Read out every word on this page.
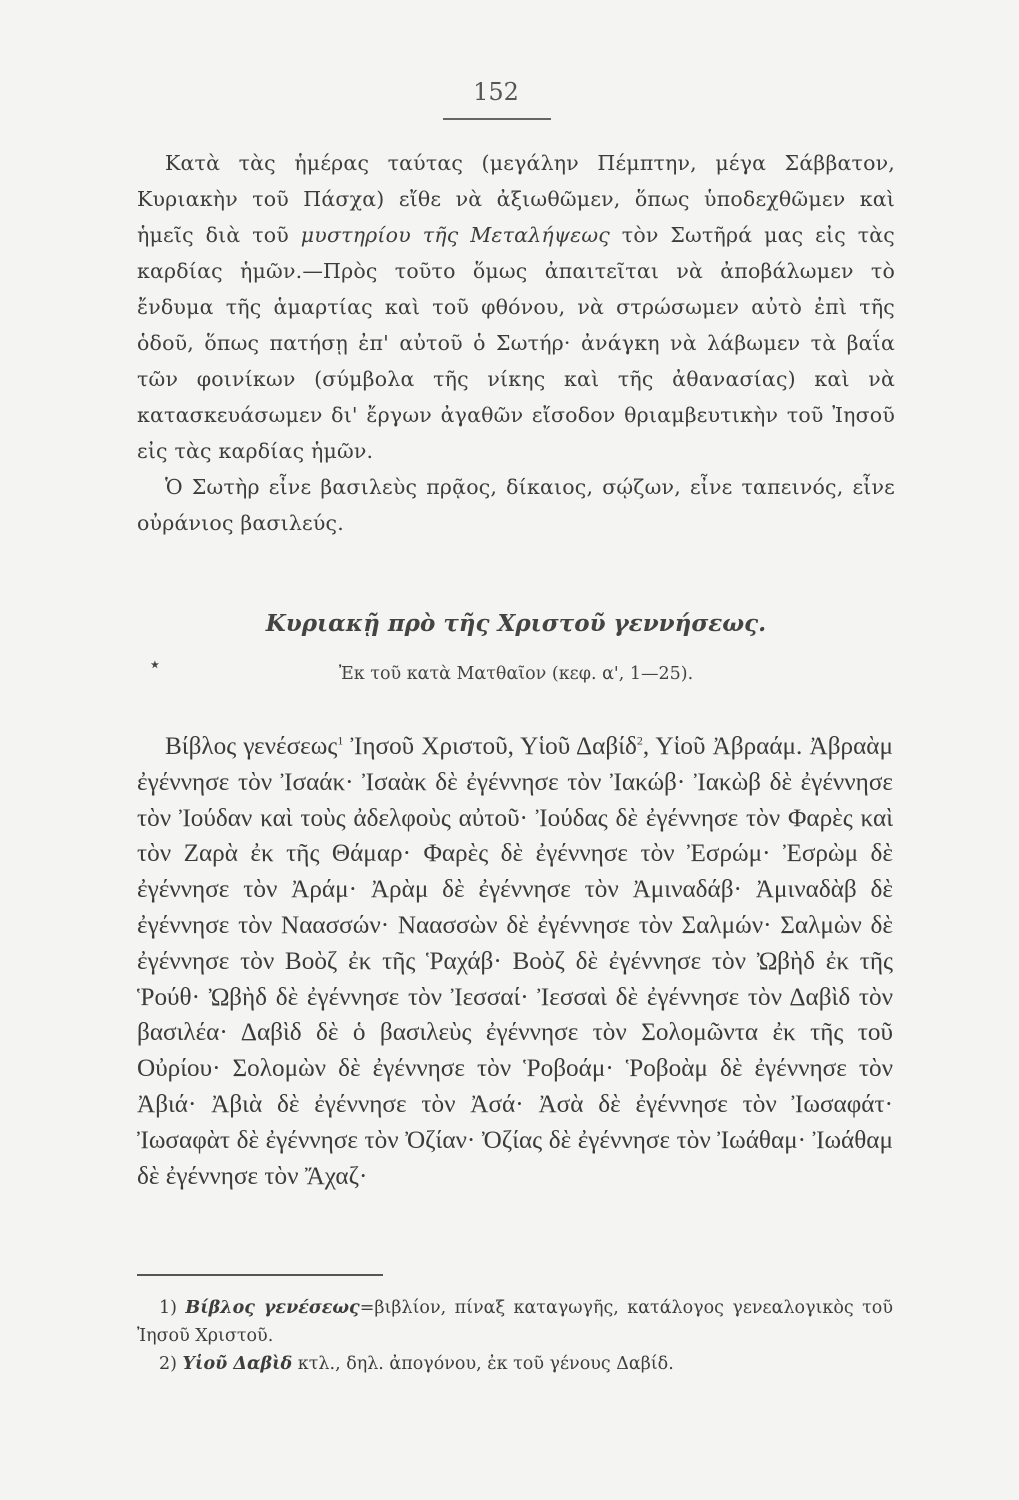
152

Κατὰ τὰς ἡμέρας ταύτας (μεγάλην Πέμπτην, μέγα Σάββατον, Κυριακὴν τοῦ Πάσχα) εἴθε νὰ ἀξιωθῶμεν, ὅπως ὑποδεχθῶμεν καὶ ἡμεῖς διὰ τοῦ μυστηρίου τῆς Μεταλήψεως τὸν Σωτῆρά μας εἰς τὰς καρδίας ἡμῶν.—Πρὸς τοῦτο ὅμως ἀπαιτεῖται νὰ ἀποβάλωμεν τὸ ἔνδυμα τῆς ἁμαρτίας καὶ τοῦ φθόνου, νὰ στρώσωμεν αὐτὸ ἐπὶ τῆς ὁδοῦ, ὅπως πατήσῃ ἐπ' αὐτοῦ ὁ Σωτήρ· ἀνάγκη νὰ λάβωμεν τὰ βαΐα τῶν φοινίκων (σύμβολα τῆς νίκης καὶ τῆς ἀθανασίας) καὶ νὰ κατασκευάσωμεν δι' ἔργων ἀγαθῶν εἴσοδον θριαμβευτικὴν τοῦ Ἰησοῦ εἰς τὰς καρδίας ἡμῶν.

Ὁ Σωτὴρ εἶνε βασιλεὺς πρᾷος, δίκαιος, σῴζων, εἶνε ταπεινός, εἶνε οὐράνιος βασιλεύς.

Κυριακῇ πρὸ τῆς Χριστοῦ γεννήσεως.
٭	Ἐκ τοῦ κατὰ Ματθαῖον (κεφ. α', 1—25).

Βίβλος γενέσεως$^1$ Ἰησοῦ Χριστοῦ, Υἱοῦ Δαβίδ$^2$, Υἱοῦ Ἀβραάμ. Ἀβραὰμ ἐγέννησε τὸν Ἰσαάκ· Ἰσαὰκ δὲ ἐγέννησε τὸν Ἰακώβ· Ἰακὼβ δὲ ἐγέννησε τὸν Ἰούδαν καὶ τοὺς ἀδελφοὺς αὐτοῦ· Ἰούδας δὲ ἐγέννησε τὸν Φαρὲς καὶ τὸν Ζαρὰ ἐκ τῆς Θάμαρ· Φαρὲς δὲ ἐγέννησε τὸν Ἐσρώμ· Ἐσρὼμ δὲ ἐγέννησε τὸν Ἀράμ· Ἀρὰμ δὲ ἐγέννησε τὸν Ἀμιναδάβ· Ἀμιναδὰβ δὲ ἐγέννησε τὸν Ναασσών· Ναασσὼν δὲ ἐγέννησε τὸν Σαλμών· Σαλμὼν δὲ ἐγέννησε τὸν Βοὸζ ἐκ τῆς Ῥαχάβ· Βοὸζ δὲ ἐγέννησε τὸν Ὠβὴδ ἐκ τῆς Ῥούθ· Ὠβὴδ δὲ ἐγέννησε τὸν Ἰεσσαί· Ἰεσσαὶ δὲ ἐγέννησε τὸν Δαβὶδ τὸν βασιλέα· Δαβὶδ δὲ ὁ βασιλεὺς ἐγέννησε τὸν Σολομῶντα ἐκ τῆς τοῦ Οὐρίου· Σολομὼν δὲ ἐγέννησε τὸν Ῥοβοάμ· Ῥοβοὰμ δὲ ἐγέννησε τὸν Ἀβιά· Ἀβιὰ δὲ ἐγέννησε τὸν Ἀσά· Ἀσὰ δὲ ἐγέννησε τὸν Ἰωσαφάτ· Ἰωσαφὰτ δὲ ἐγέννησε τὸν Ὀζίαν· Ὀζίας δὲ ἐγέννησε τὸν Ἰωάθαμ· Ἰωάθαμ δὲ ἐγέννησε τὸν Ἄχαζ·

1) Βίβλος γενέσεως=βιβλίον, πίναξ καταγωγῆς, κατάλογος γενεαλογικὸς τοῦ Ἰησοῦ Χριστοῦ.

2) Υἱοῦ Δαβὶδ κτλ., δηλ. ἀπογόνου, ἐκ τοῦ γένους Δαβίδ.
